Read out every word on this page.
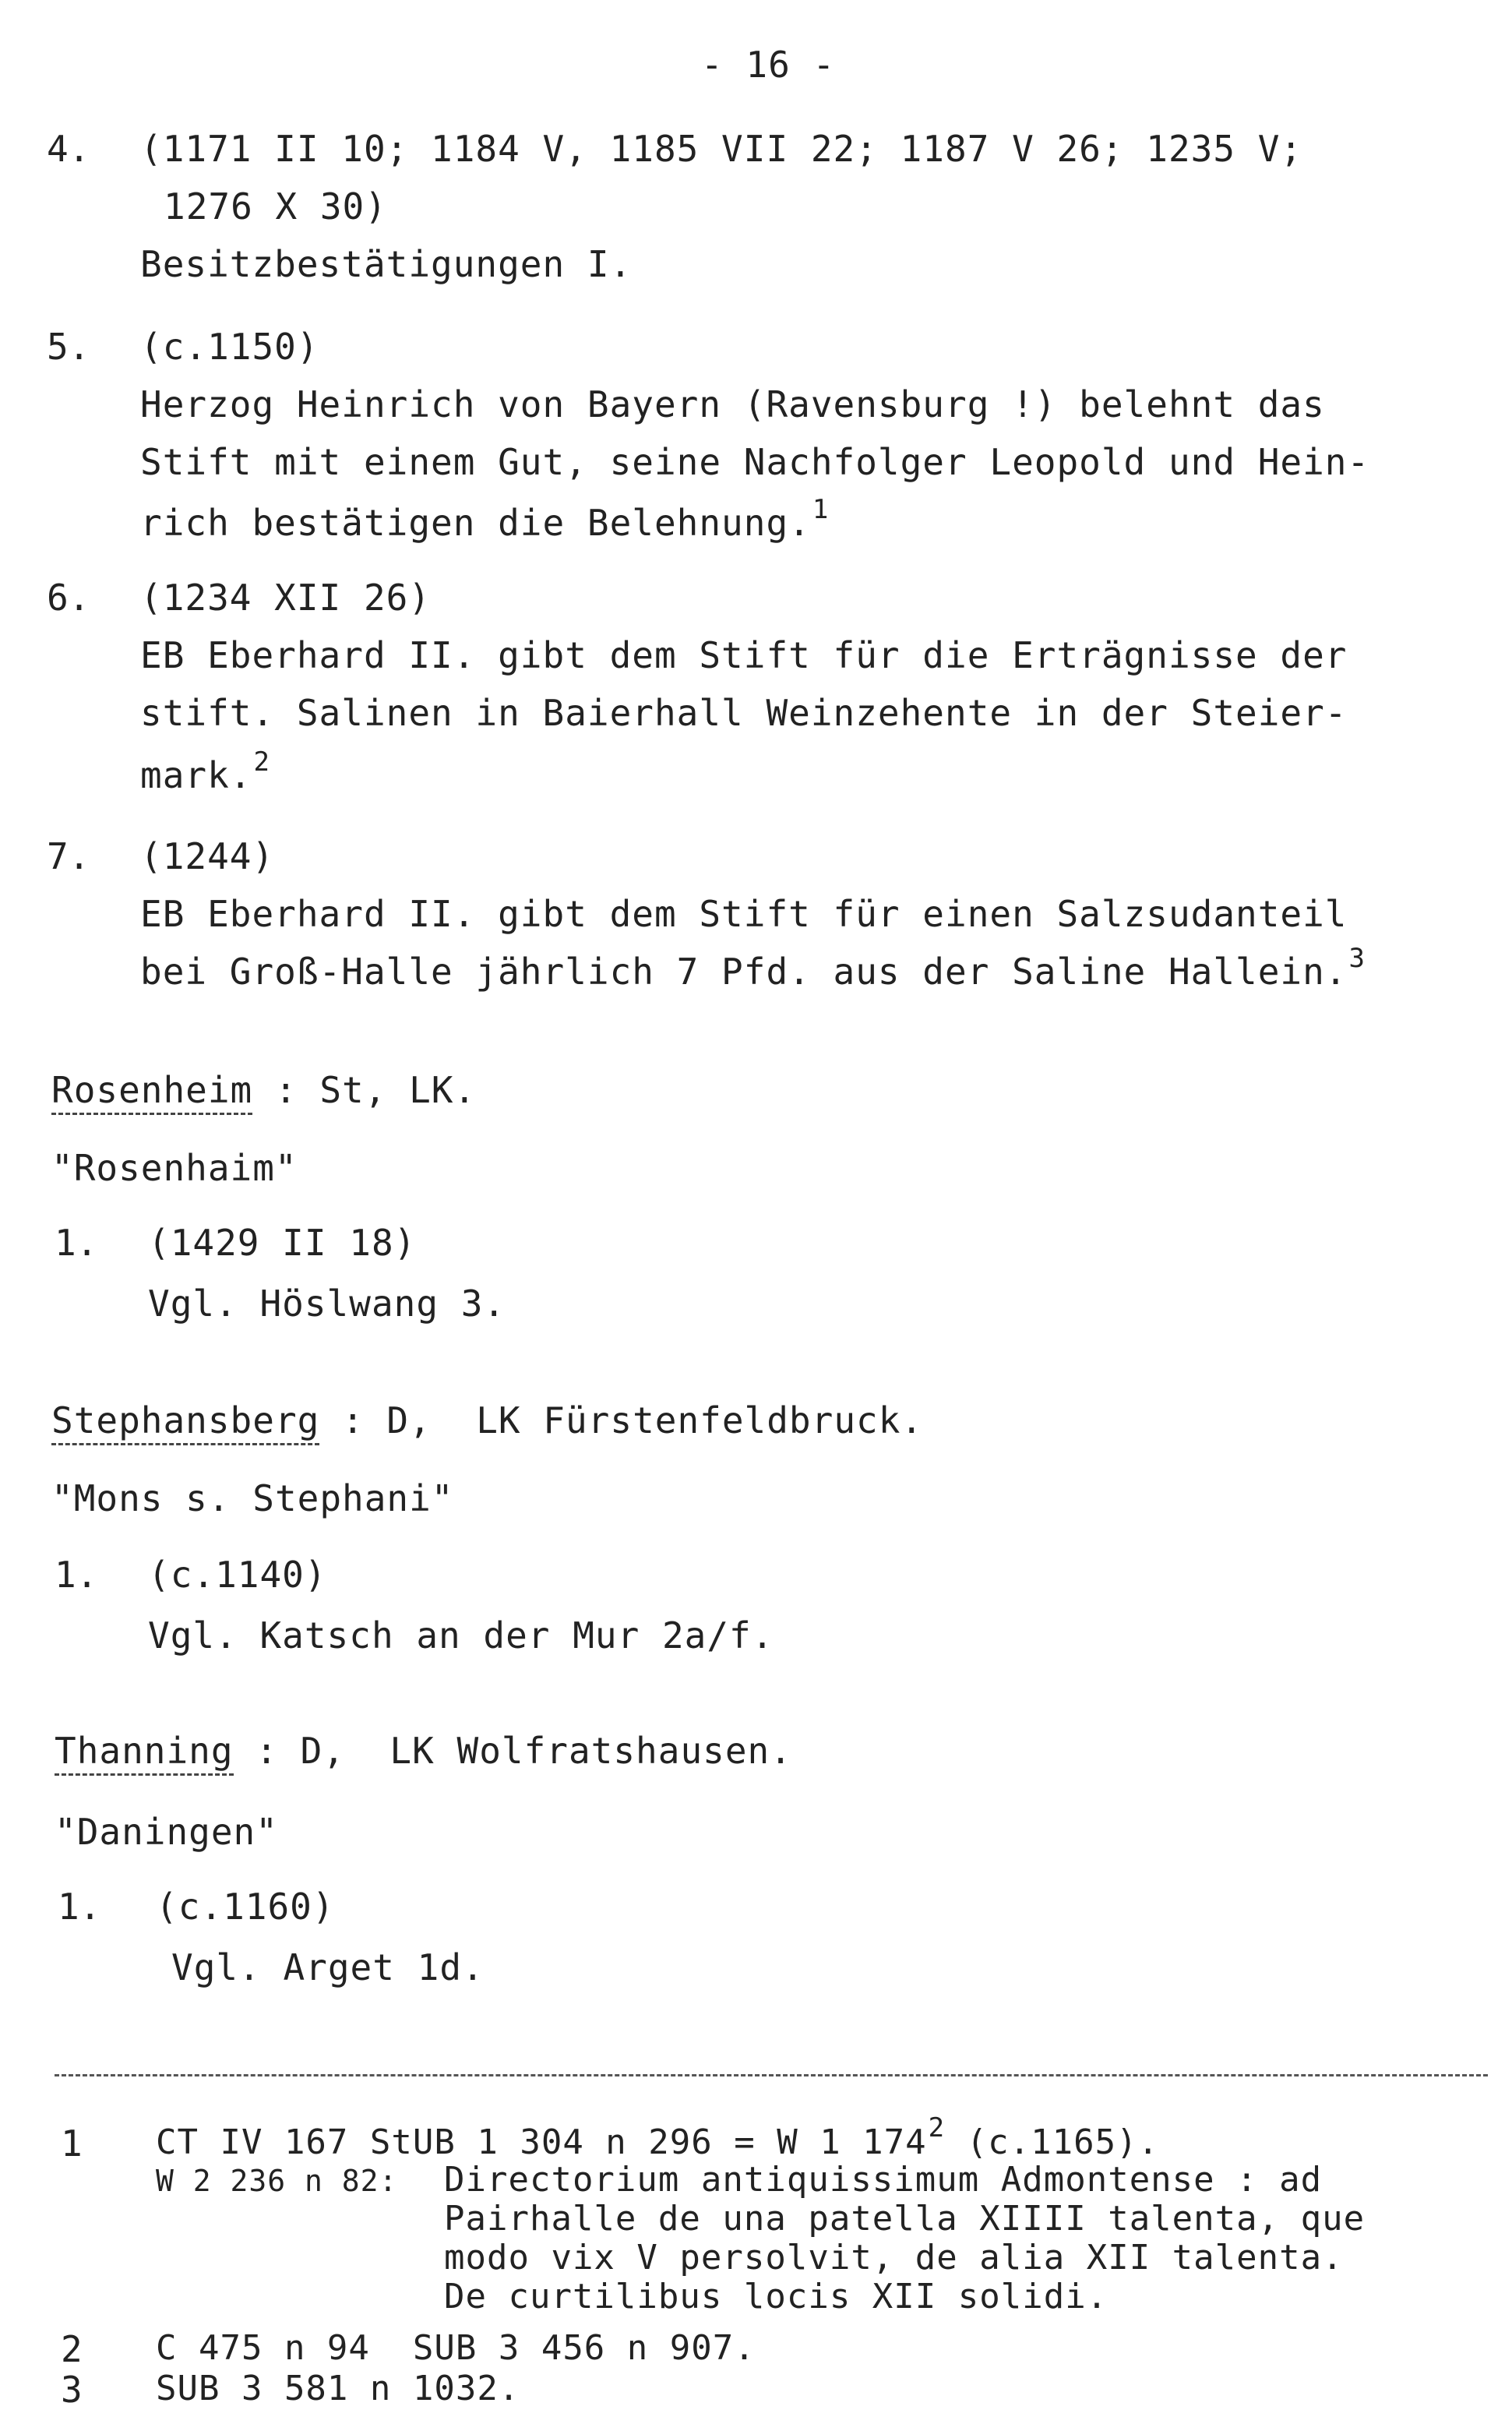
- 16 -
4. (1171 II 10; 1184 V, 1185 VII 22; 1187 V 26; 1235 V;
1276 X 30)
Besitzbestätigungen I.
5. (c.1150)
Herzog Heinrich von Bayern (Ravensburg !) belehnt das
Stift mit einem Gut, seine Nachfolger Leopold und Hein-
rich bestätigen die Belehnung.$^1$
6. (1234 XII 26)
EB Eberhard II. gibt dem Stift für die Erträgnisse der
stift. Salinen in Baierhall Weinzehente in der Steier-
mark.$^2$
7. (1244)
EB Eberhard II. gibt dem Stift für einen Salzsudanteil
bei Groß-Halle jährlich 7 Pfd. aus der Saline Hallein.$^3$
Rosenheim : St, LK.
"Rosenhaim"
1. (1429 II 18)
Vgl. Höslwang 3.
Stephansberg : D,  LK Fürstenfeldbruck.
"Mons s. Stephani"
1. (c.1140)
Vgl. Katsch an der Mur 2a/f.
Thanning : D,  LK Wolfratshausen.
"Daningen"
1. (c.1160)
Vgl. Arget 1d.
1 CT IV 167 StUB 1 304 n 296 = W 1 $174^2$ (c.1165).
W 2 236 n 82: Directorium antiquissimum Admontense : ad
Pairhalle de una patella XIIII talenta, que
modo vix V persolvit, de alia XII talenta.
De curtilibus locis XII solidi.
2 C 475 n 94  SUB 3 456 n 907.
3 SUB 3 581 n 1032.
